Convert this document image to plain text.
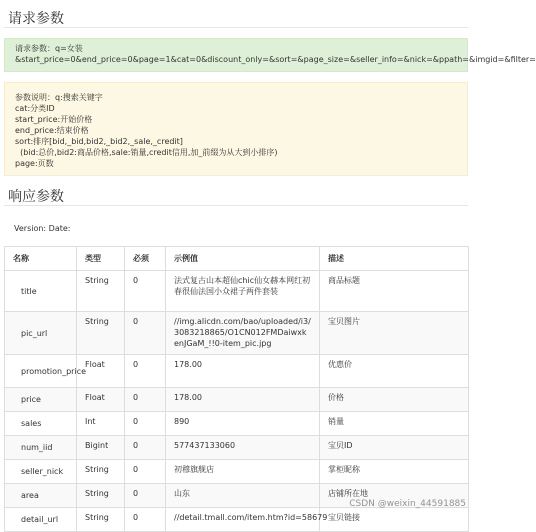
请求参数
请求参数：q=女装
&start_price=0&end_price=0&page=1&cat=0&discount_only=&sort=&page_size=&seller_info=&nick=&ppath=&imgid=&filter=
参数说明：q:搜索关键字
cat:分类ID
start_price:开始价格
end_price:结束价格
sort:排序[bid,_bid,bid2,_bid2,_sale,_credit]
(bid:总价,bid2:商品价格,sale:销量,credit信用,加_前缀为从大到小排序)
page:页数
响应参数
Version: Date:
名称	类型	必须	示例值	描述
title	String	0	法式复古山本超仙chic仙女赫本网红初春很仙法国小众裙子两件套装	商品标题
pic_url	String	0	//img.alicdn.com/bao/uploaded/i3/3083218865/O1CN012FMDaiwxkenJGaM_!!0-item_pic.jpg	宝贝图片
promotion_price	Float	0	178.00	优惠价
price	Float	0	178.00	价格
sales	Int	0	890	销量
num_iid	Bigint	0	577437133060	宝贝ID
seller_nick	String	0	初穆旗舰店	掌柜昵称
area	String	0	山东	店铺所在地
detail_url	String	0	//detail.tmall.com/item.htm?id=58679	宝贝链接
CSDN @weixin_44591885
